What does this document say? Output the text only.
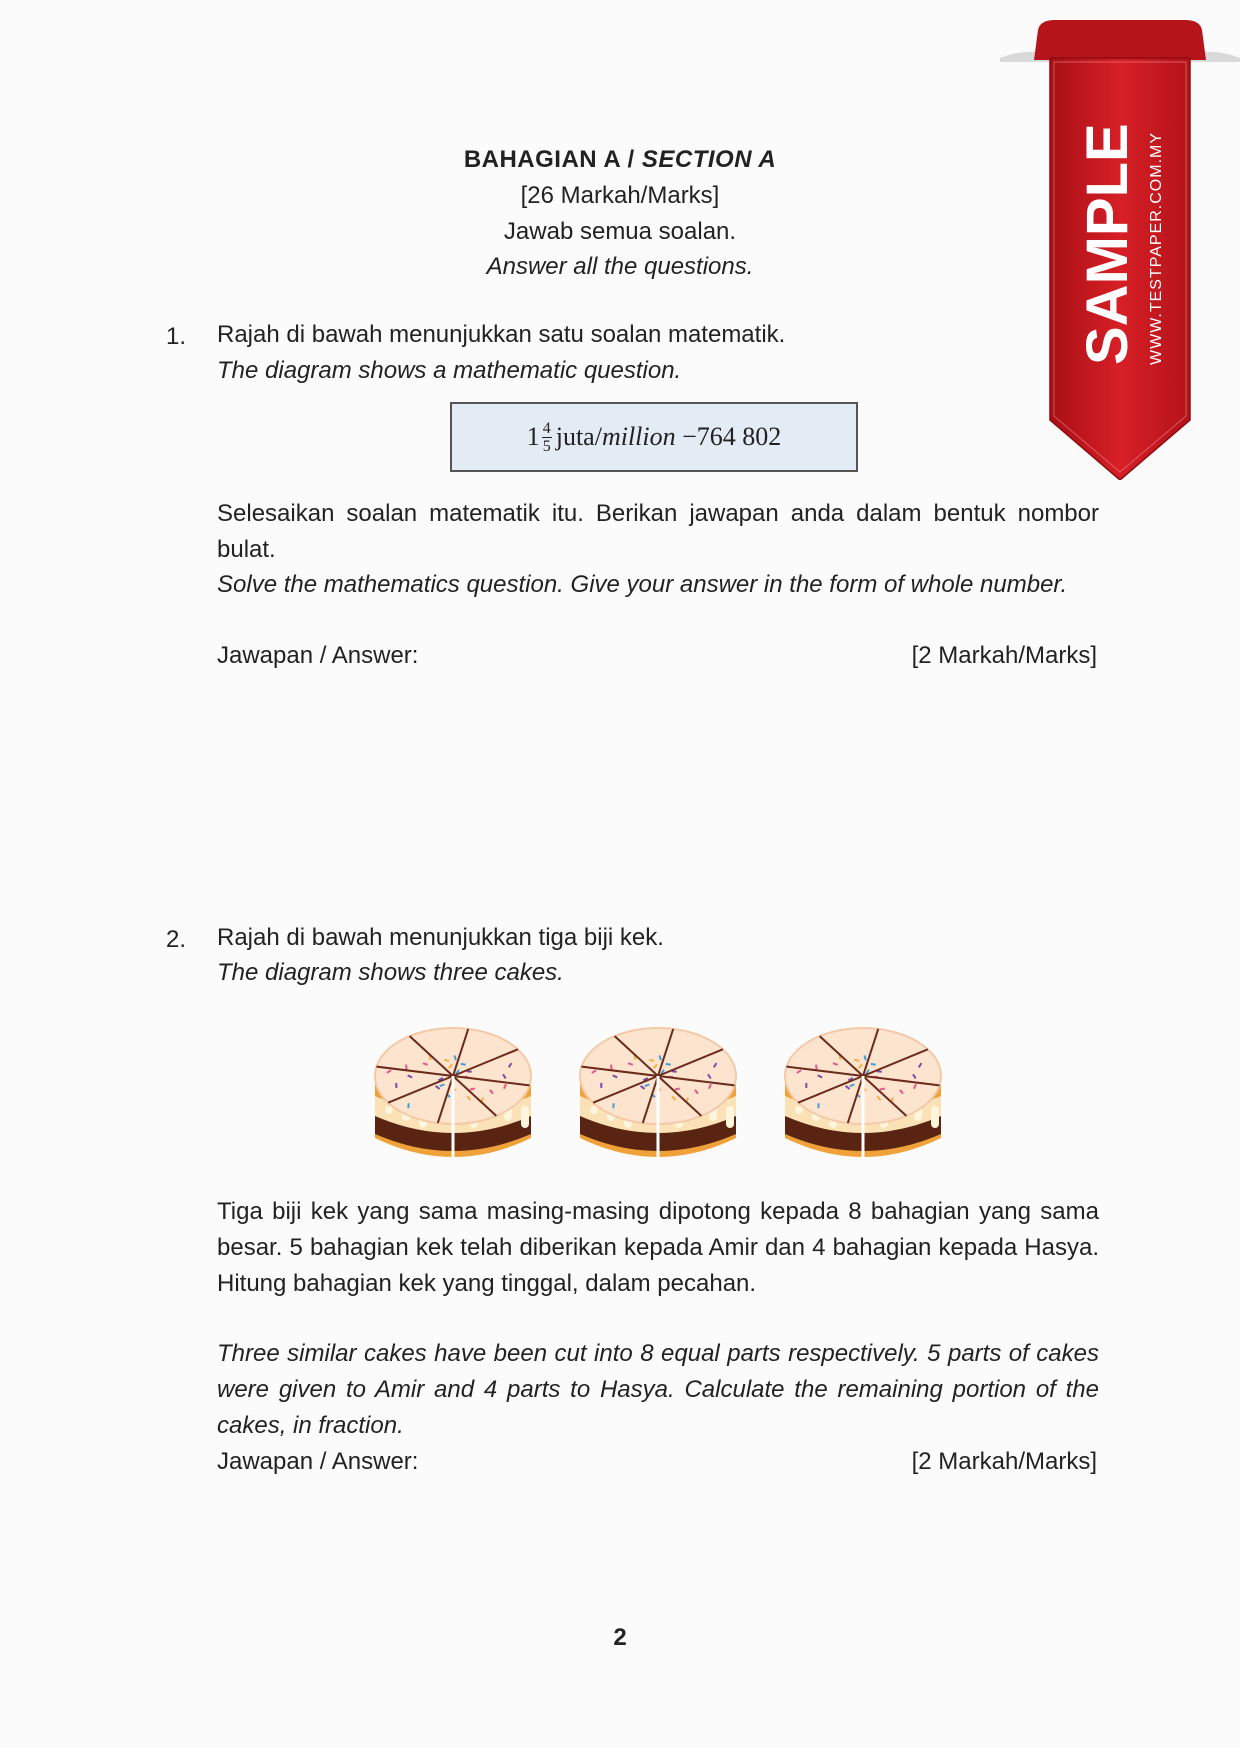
BAHAGIAN A / SECTION A
[26 Markah/Marks]
Jawab semua soalan.
Answer all the questions.
1. Rajah di bawah menunjukkan satu soalan matematik.
The diagram shows a mathematic question.
$1 \frac{4}{5}$ juta/ million −764 802
Selesaikan soalan matematik itu. Berikan jawapan anda dalam bentuk nombor bulat.
Solve the mathematics question. Give your answer in the form of whole number.
Jawapan / Answer:	[2 Markah/Marks]
2. Rajah di bawah menunjukkan tiga biji kek.
The diagram shows three cakes.
Tiga biji kek yang sama masing-masing dipotong kepada 8 bahagian yang sama besar. 5 bahagian kek telah diberikan kepada Amir dan 4 bahagian kepada Hasya. Hitung bahagian kek yang tinggal, dalam pecahan.
Three similar cakes have been cut into 8 equal parts respectively. 5 parts of cakes were given to Amir and 4 parts to Hasya. Calculate the remaining portion of the cakes, in fraction.
Jawapan / Answer:	[2 Markah/Marks]
2
SAMPLE WWW.TESTPAPER.COM.MY
